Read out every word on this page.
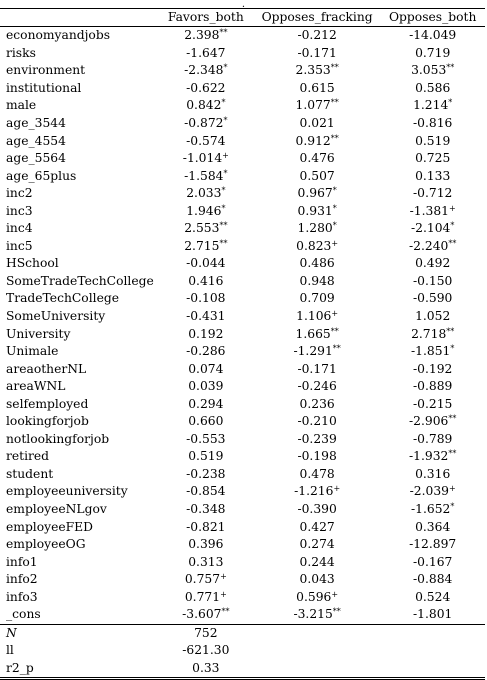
.
	Favors_both	Opposes_fracking	Opposes_both
economyandjobs	2.398**	-0.212	-14.049
risks	-1.647	-0.171	0.719
environment	-2.348*	2.353**	3.053**
institutional	-0.622	0.615	0.586
male	0.842*	1.077**	1.214*
age_3544	-0.872*	0.021	-0.816
age_4554	-0.574	0.912**	0.519
age_5564	-1.014+	0.476	0.725
age_65plus	-1.584*	0.507	0.133
inc2	2.033*	0.967*	-0.712
inc3	1.946*	0.931*	-1.381+
inc4	2.553**	1.280*	-2.104*
inc5	2.715**	0.823+	-2.240**
HSchool	-0.044	0.486	0.492
SomeTradeTechCollege	0.416	0.948	-0.150
TradeTechCollege	-0.108	0.709	-0.590
SomeUniversity	-0.431	1.106+	1.052
University	0.192	1.665**	2.718**
Unimale	-0.286	-1.291**	-1.851*
areaotherNL	0.074	-0.171	-0.192
areaWNL	0.039	-0.246	-0.889
selfemployed	0.294	0.236	-0.215
lookingforjob	0.660	-0.210	-2.906**
notlookingforjob	-0.553	-0.239	-0.789
retired	0.519	-0.198	-1.932**
student	-0.238	0.478	0.316
employeeuniversity	-0.854	-1.216+	-2.039+
employeeNLgov	-0.348	-0.390	-1.652*
employeeFED	-0.821	0.427	0.364
employeeOG	0.396	0.274	-12.897
info1	0.313	0.244	-0.167
info2	0.757+	0.043	-0.884
info3	0.771+	0.596+	0.524
_cons	-3.607**	-3.215**	-1.801
N	752		
ll	-621.30		
r2_p	0.33		
